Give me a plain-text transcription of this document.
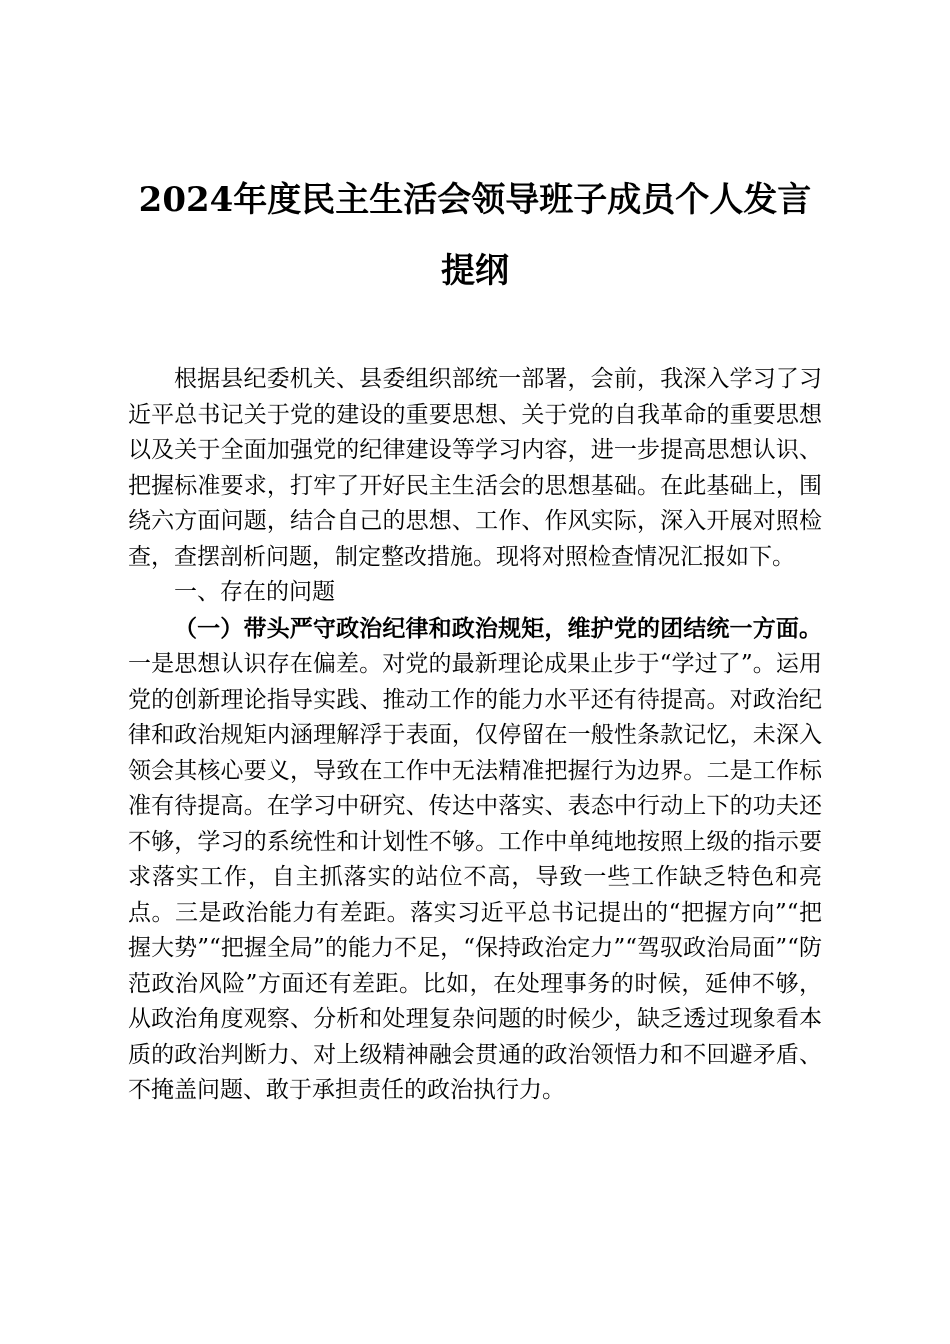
2024年度民主生活会领导班子成员个人发言
提纲

根据县纪委机关、县委组织部统一部署，会前，我深入学习了习近平总书记关于党的建设的重要思想、关于党的自我革命的重要思想以及关于全面加强党的纪律建设等学习内容，进一步提高思想认识、把握标准要求，打牢了开好民主生活会的思想基础。在此基础上，围绕六方面问题，结合自己的思想、工作、作风实际，深入开展对照检查，查摆剖析问题，制定整改措施。现将对照检查情况汇报如下。

一、存在的问题

（一）带头严守政治纪律和政治规矩，维护党的团结统一方面。一是思想认识存在偏差。对党的最新理论成果止步于“学过了”。运用党的创新理论指导实践、推动工作的能力水平还有待提高。对政治纪律和政治规矩内涵理解浮于表面，仅停留在一般性条款记忆，未深入领会其核心要义，导致在工作中无法精准把握行为边界。二是工作标准有待提高。在学习中研究、传达中落实、表态中行动上下的功夫还不够，学习的系统性和计划性不够。工作中单纯地按照上级的指示要求落实工作，自主抓落实的站位不高，导致一些工作缺乏特色和亮点。三是政治能力有差距。落实习近平总书记提出的“把握方向”“把握大势”“把握全局”的能力不足，“保持政治定力”“驾驭政治局面”“防范政治风险”方面还有差距。比如，在处理事务的时候，延伸不够，从政治角度观察、分析和处理复杂问题的时候少，缺乏透过现象看本质的政治判断力、对上级精神融会贯通的政治领悟力和不回避矛盾、不掩盖问题、敢于承担责任的政治执行力。
